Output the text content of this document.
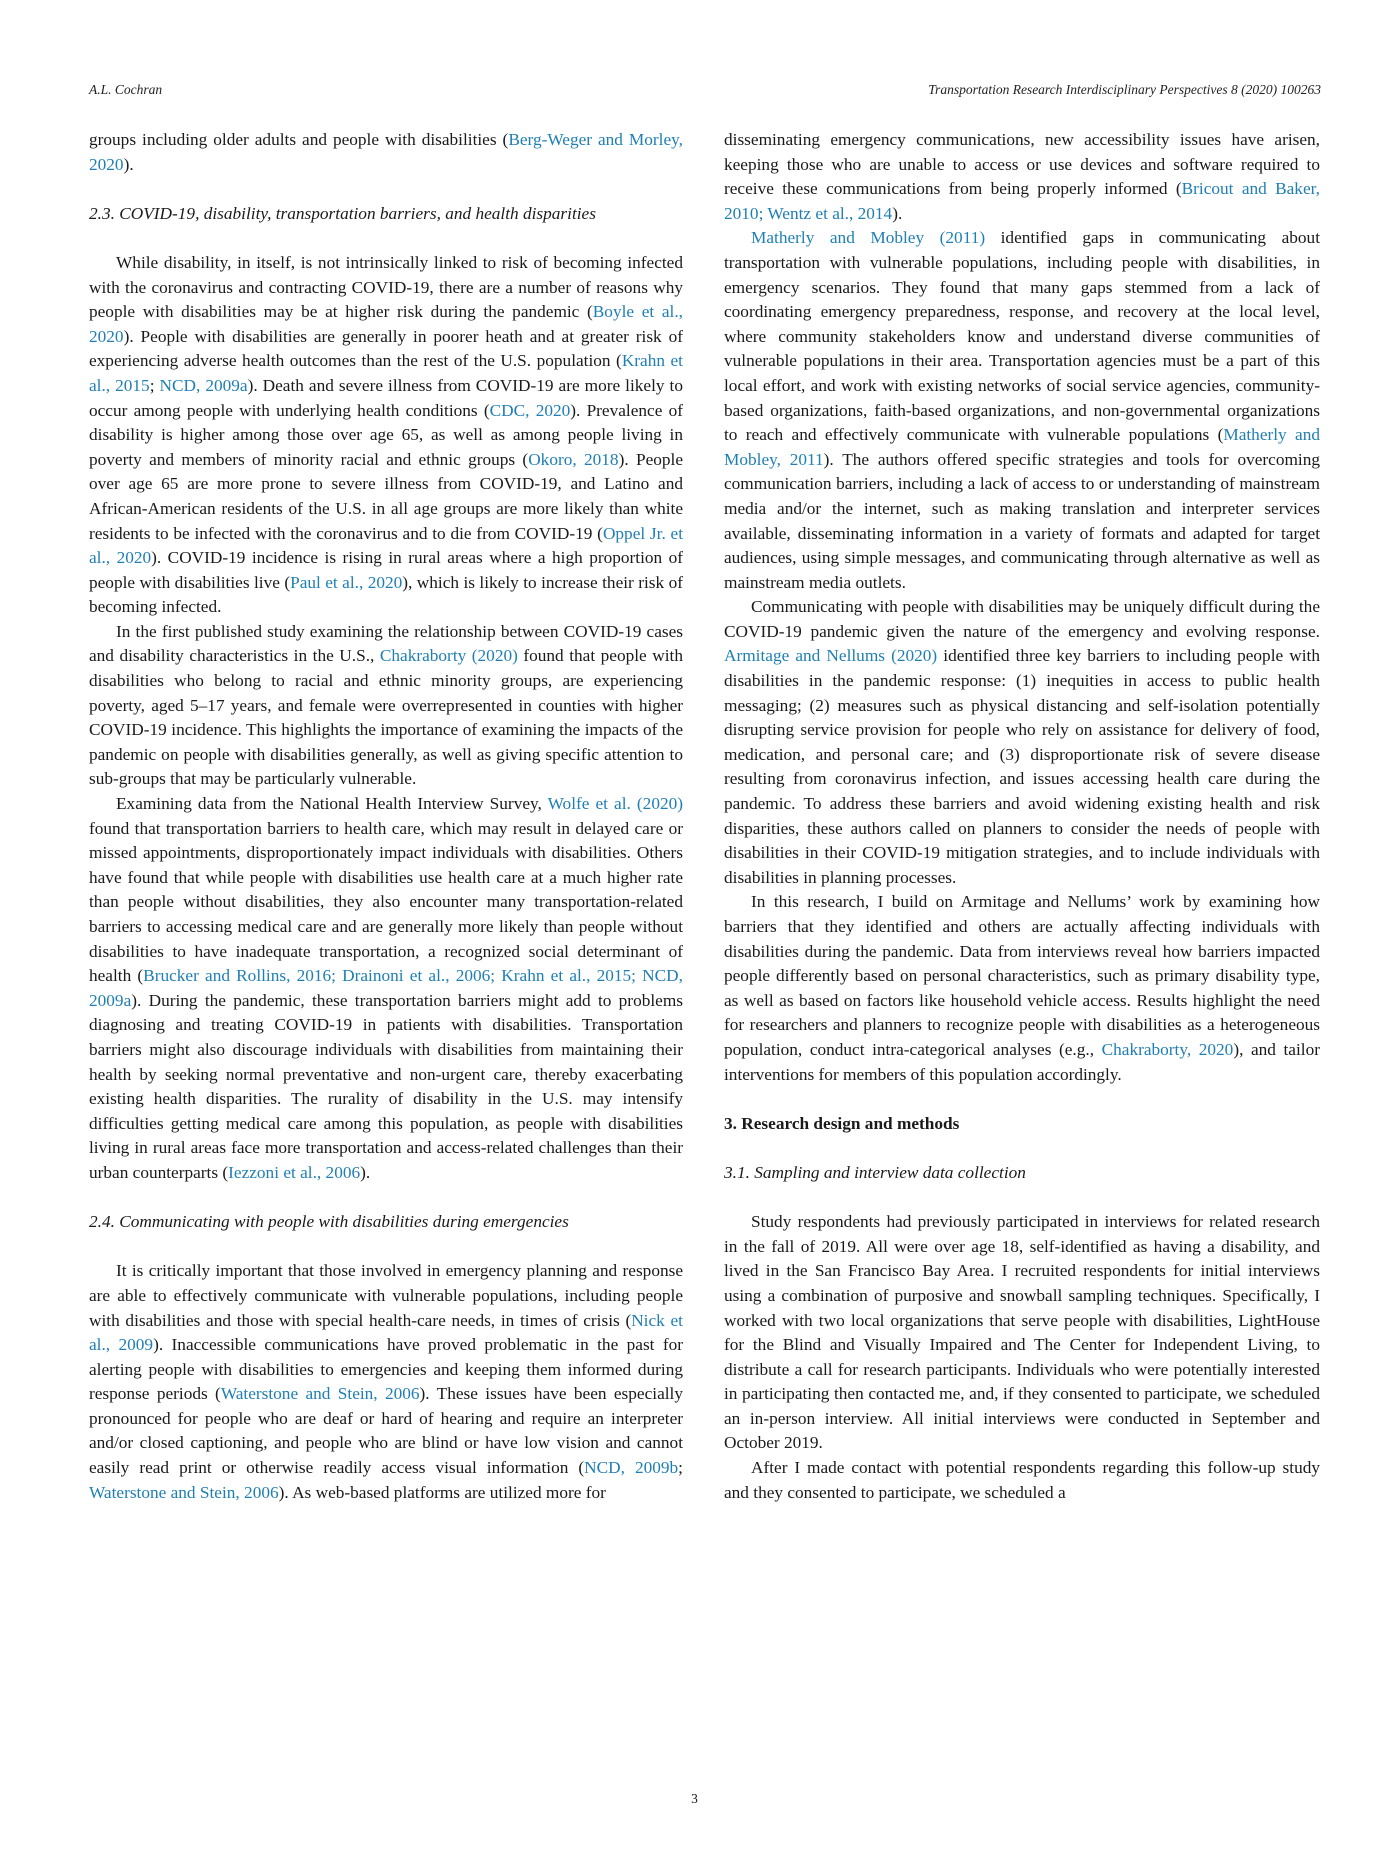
A.L. Cochran	Transportation Research Interdisciplinary Perspectives 8 (2020) 100263

groups including older adults and people with disabilities (Berg-Weger and Morley, 2020).

2.3. COVID-19, disability, transportation barriers, and health disparities

While disability, in itself, is not intrinsically linked to risk of becoming infected with the coronavirus and contracting COVID-19, there are a number of reasons why people with disabilities may be at higher risk during the pandemic (Boyle et al., 2020). People with disabilities are generally in poorer heath and at greater risk of experiencing adverse health outcomes than the rest of the U.S. population (Krahn et al., 2015; NCD, 2009a). Death and severe illness from COVID-19 are more likely to occur among people with underlying health conditions (CDC, 2020). Prevalence of disability is higher among those over age 65, as well as among people living in poverty and members of minority racial and ethnic groups (Okoro, 2018). People over age 65 are more prone to severe illness from COVID-19, and Latino and African-American residents of the U.S. in all age groups are more likely than white residents to be infected with the coronavirus and to die from COVID-19 (Oppel Jr. et al., 2020). COVID-19 incidence is rising in rural areas where a high proportion of people with disabilities live (Paul et al., 2020), which is likely to increase their risk of becoming infected.

In the first published study examining the relationship between COVID-19 cases and disability characteristics in the U.S., Chakraborty (2020) found that people with disabilities who belong to racial and ethnic minority groups, are experiencing poverty, aged 5–17 years, and female were overrepresented in counties with higher COVID-19 incidence. This highlights the importance of examining the impacts of the pandemic on people with disabilities generally, as well as giving specific attention to sub-groups that may be particularly vulnerable.

Examining data from the National Health Interview Survey, Wolfe et al. (2020) found that transportation barriers to health care, which may result in delayed care or missed appointments, disproportionately impact individuals with disabilities. Others have found that while people with disabilities use health care at a much higher rate than people without disabilities, they also encounter many transportation-related barriers to accessing medical care and are generally more likely than people without disabilities to have inadequate transportation, a recognized social determinant of health (Brucker and Rollins, 2016; Drainoni et al., 2006; Krahn et al., 2015; NCD, 2009a). During the pandemic, these transportation barriers might add to problems diagnosing and treating COVID-19 in patients with disabilities. Transportation barriers might also discourage individuals with disabilities from maintaining their health by seeking normal preventative and non-urgent care, thereby exacerbating existing health disparities. The rurality of disability in the U.S. may intensify difficulties getting medical care among this population, as people with disabilities living in rural areas face more transportation and access-related challenges than their urban counterparts (Iezzoni et al., 2006).

2.4. Communicating with people with disabilities during emergencies

It is critically important that those involved in emergency planning and response are able to effectively communicate with vulnerable populations, including people with disabilities and those with special health-care needs, in times of crisis (Nick et al., 2009). Inaccessible communications have proved problematic in the past for alerting people with disabilities to emergencies and keeping them informed during response periods (Waterstone and Stein, 2006). These issues have been especially pronounced for people who are deaf or hard of hearing and require an interpreter and/or closed captioning, and people who are blind or have low vision and cannot easily read print or otherwise readily access visual information (NCD, 2009b; Waterstone and Stein, 2006). As web-based platforms are utilized more for

disseminating emergency communications, new accessibility issues have arisen, keeping those who are unable to access or use devices and software required to receive these communications from being properly informed (Bricout and Baker, 2010; Wentz et al., 2014).

Matherly and Mobley (2011) identified gaps in communicating about transportation with vulnerable populations, including people with disabilities, in emergency scenarios. They found that many gaps stemmed from a lack of coordinating emergency preparedness, response, and recovery at the local level, where community stakeholders know and understand diverse communities of vulnerable populations in their area. Transportation agencies must be a part of this local effort, and work with existing networks of social service agencies, community-based organizations, faith-based organizations, and non-governmental organizations to reach and effectively communicate with vulnerable populations (Matherly and Mobley, 2011). The authors offered specific strategies and tools for overcoming communication barriers, including a lack of access to or understanding of mainstream media and/or the internet, such as making translation and interpreter services available, disseminating information in a variety of formats and adapted for target audiences, using simple messages, and communicating through alternative as well as mainstream media outlets.

Communicating with people with disabilities may be uniquely difficult during the COVID-19 pandemic given the nature of the emergency and evolving response. Armitage and Nellums (2020) identified three key barriers to including people with disabilities in the pandemic response: (1) inequities in access to public health messaging; (2) measures such as physical distancing and self-isolation potentially disrupting service provision for people who rely on assistance for delivery of food, medication, and personal care; and (3) disproportionate risk of severe disease resulting from coronavirus infection, and issues accessing health care during the pandemic. To address these barriers and avoid widening existing health and risk disparities, these authors called on planners to consider the needs of people with disabilities in their COVID-19 mitigation strategies, and to include individuals with disabilities in planning processes.

In this research, I build on Armitage and Nellums’ work by examining how barriers that they identified and others are actually affecting individuals with disabilities during the pandemic. Data from interviews reveal how barriers impacted people differently based on personal characteristics, such as primary disability type, as well as based on factors like household vehicle access. Results highlight the need for researchers and planners to recognize people with disabilities as a heterogeneous population, conduct intra-categorical analyses (e.g., Chakraborty, 2020), and tailor interventions for members of this population accordingly.

3. Research design and methods
3.1. Sampling and interview data collection

Study respondents had previously participated in interviews for related research in the fall of 2019. All were over age 18, self-identified as having a disability, and lived in the San Francisco Bay Area. I recruited respondents for initial interviews using a combination of purposive and snowball sampling techniques. Specifically, I worked with two local organizations that serve people with disabilities, LightHouse for the Blind and Visually Impaired and The Center for Independent Living, to distribute a call for research participants. Individuals who were potentially interested in participating then contacted me, and, if they consented to participate, we scheduled an in-person interview. All initial interviews were conducted in September and October 2019.

After I made contact with potential respondents regarding this follow-up study and they consented to participate, we scheduled a

3
